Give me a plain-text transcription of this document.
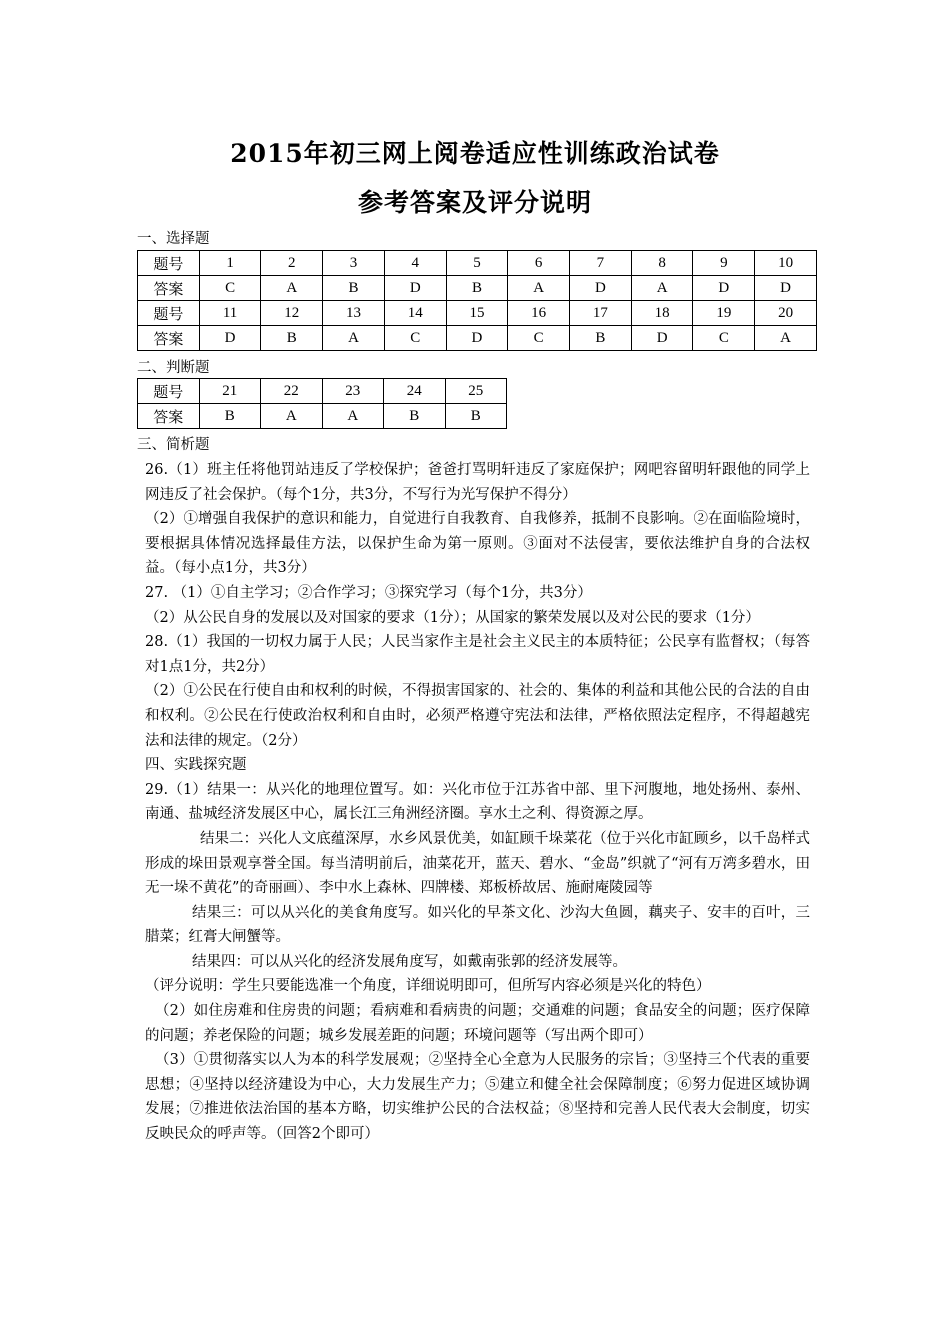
2015年初三网上阅卷适应性训练政治试卷
参考答案及评分说明
一、选择题
题号	1	2	3	4	5	6	7	8	9	10
答案	C	A	B	D	B	A	D	A	D	D
题号	11	12	13	14	15	16	17	18	19	20
答案	D	B	A	C	D	C	B	D	C	A
二、判断题
题号	21	22	23	24	25
答案	B	A	A	B	B
三、简析题

26.（1）班主任将他罚站违反了学校保护；爸爸打骂明轩违反了家庭保护；网吧容留明轩跟他的同学上网违反了社会保护。（每个1分，共3分，不写行为光写保护不得分）

（2）①增强自我保护的意识和能力，自觉进行自我教育、自我修养，抵制不良影响。②在面临险境时，要根据具体情况选择最佳方法，以保护生命为第一原则。③面对不法侵害，要依法维护自身的合法权益。（每小点1分，共3分）

27. （1）①自主学习；②合作学习；③探究学习（每个1分，共3分）

（2）从公民自身的发展以及对国家的要求（1分）；从国家的繁荣发展以及对公民的要求（1分）

28.（1）我国的一切权力属于人民；人民当家作主是社会主义民主的本质特征；公民享有监督权；（每答对1点1分，共2分）

（2）①公民在行使自由和权利的时候，不得损害国家的、社会的、集体的利益和其他公民的合法的自由和权利。②公民在行使政治权利和自由时，必须严格遵守宪法和法律，严格依照法定程序，不得超越宪法和法律的规定。（2分）

四、实践探究题

29.（1）结果一：从兴化的地理位置写。如：兴化市位于江苏省中部、里下河腹地，地处扬州、泰州、南通、盐城经济发展区中心，属长江三角洲经济圈。享水土之利、得资源之厚。

结果二：兴化人文底蕴深厚，水乡风景优美，如缸顾千垛菜花（位于兴化市缸顾乡，以千岛样式形成的垛田景观享誉全国。每当清明前后，油菜花开，蓝天、碧水、“金岛”织就了“河有万湾多碧水，田无一垛不黄花”的奇丽画）、李中水上森林、四牌楼、郑板桥故居、施耐庵陵园等

结果三：可以从兴化的美食角度写。如兴化的早茶文化、沙沟大鱼圆，藕夹子、安丰的百叶，三腊菜；红膏大闸蟹等。

结果四：可以从兴化的经济发展角度写，如戴南张郭的经济发展等。

（评分说明：学生只要能选准一个角度，详细说明即可，但所写内容必须是兴化的特色）

（2）如住房难和住房贵的问题；看病难和看病贵的问题；交通难的问题；食品安全的问题；医疗保障的问题；养老保险的问题；城乡发展差距的问题；环境问题等（写出两个即可）

（3）①贯彻落实以人为本的科学发展观；②坚持全心全意为人民服务的宗旨；③坚持三个代表的重要思想；④坚持以经济建设为中心，大力发展生产力；⑤建立和健全社会保障制度；⑥努力促进区域协调发展；⑦推进依法治国的基本方略，切实维护公民的合法权益；⑧坚持和完善人民代表大会制度，切实反映民众的呼声等。（回答2个即可）
